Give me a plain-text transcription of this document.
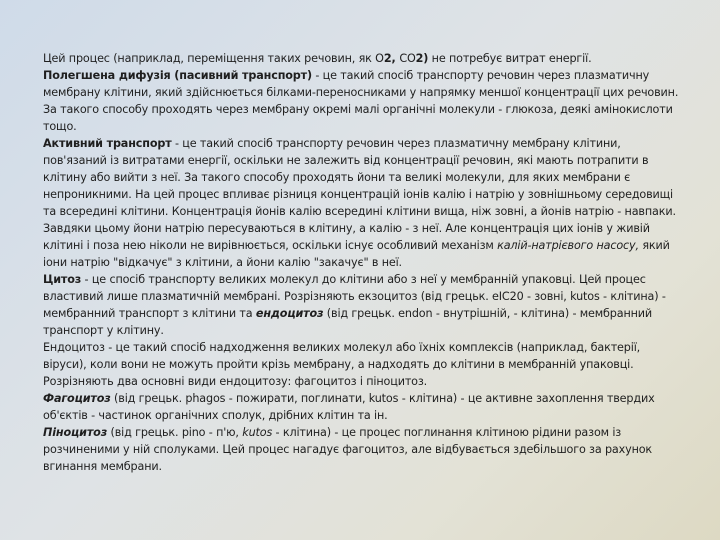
Цей процес (наприклад, переміщення таких речовин, як О2, СО2) не потребує витрат енергії.

Полегшена дифузія (пасивний транспорт) - це такий спосіб транспорту речовин через плазматичну мембрану клітини, який здійснюється білками-переносниками у напрямку меншої концентрації цих речовин. За такого способу проходять через мембрану окремі малі органічні молекули - глюкоза, деякі амінокислоти тощо.

Активний транспорт - це такий спосіб транспорту речовин через плазматичну мембрану клітини, пов'язаний із витратами енергії, оскільки не залежить від концентрації речовин, які мають потрапити в клітину або вийти з неї. За такого способу проходять йони та великі молекули, для яких мембрани є непроникними. На цей процес впливає різниця концентрацій іонів калію і натрію у зовнішньому середовищі та всередині клітини. Концентрація йонів калію всередині клітини вища, ніж зовні, а йонів натрію - навпаки. Завдяки цьому йони натрію пересуваються в клітину, а калію - з неї. Але концентрація цих іонів у живій клітині і поза нею ніколи не вирівнюється, оскільки існує особливий механізм калій-натрієвого насосу, який іони натрію "відкачує" з клітини, а йони калію "закачує" в неї.

Цитоз - це спосіб транспорту великих молекул до клітини або з неї у мембранній упаковці. Цей процес властивий лише плазматичній мембрані. Розрізняють екзоцитоз (від грецьк. еІС20 - зовні, kutos - клітина) - мембранний транспорт з клітини та ендоцитоз (від грецьк. endon - внутрішній, - клітина) - мембранний транспорт у клітину.

Ендоцитоз - це такий спосіб надходження великих молекул або їхніх комплексів (наприклад, бактерії, віруси), коли вони не можуть пройти крізь мембрану, а надходять до клітини в мембранній упаковці. Розрізняють два основні види ендоцитозу: фагоцитоз і піноцитоз.

Фагоцитоз (від грецьк. phagos - пожирати, поглинати, kutos - клітина) - це активне захоплення твердих об'єктів - частинок органічних сполук, дрібних клітин та ін.

Піноцитоз (від грецьк. pino - п'ю, kutos - клітина) - це процес поглинання клітиною рідини разом із розчиненими у ній сполуками. Цей процес нагадує фагоцитоз, але відбувається здебільшого за рахунок вгинання мембрани.
